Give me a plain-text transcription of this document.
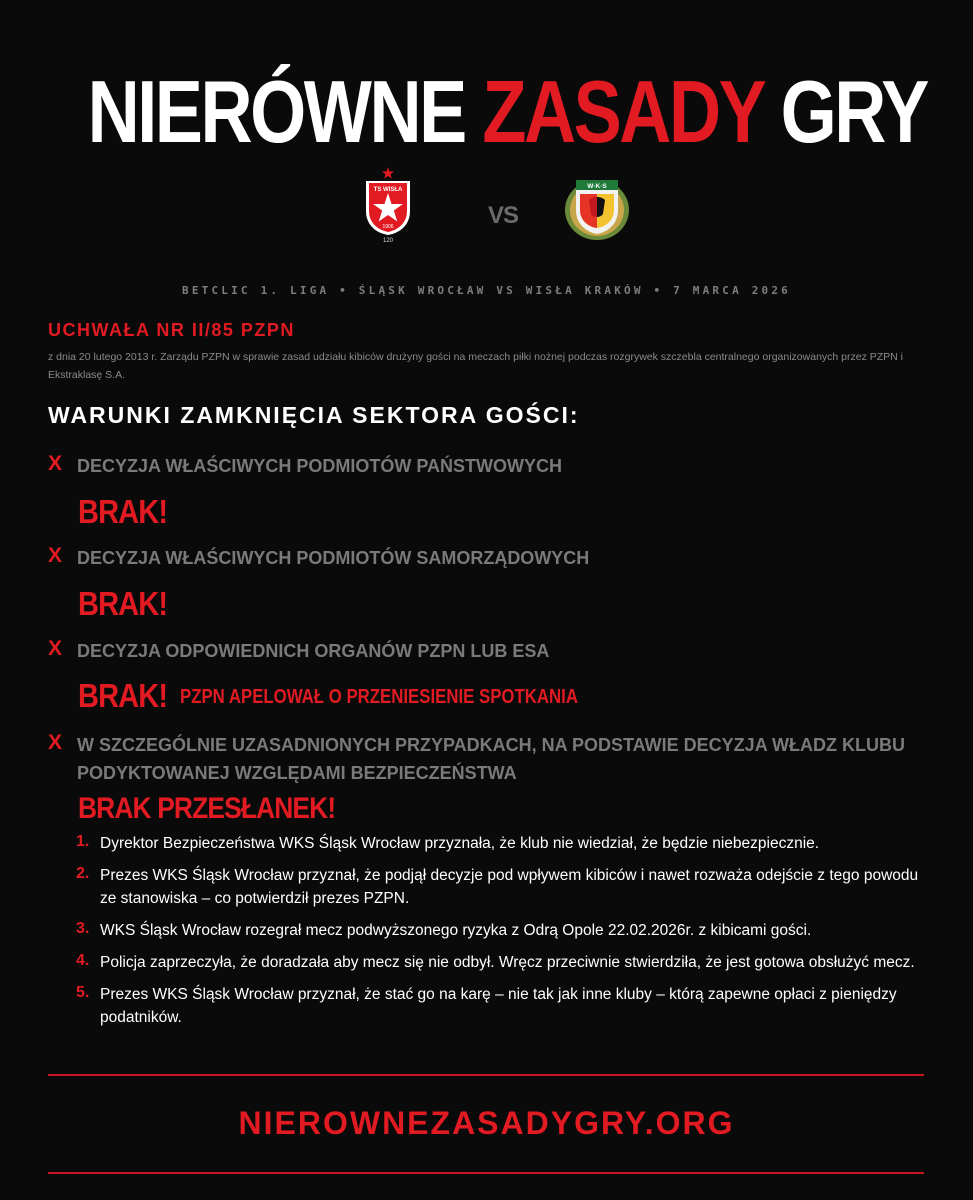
NIERÓWNE ZASADY GRY
TS WISŁA
1906
120
W·K·S
VS
BETCLIC 1. LIGA • ŚLĄSK WROCŁAW VS WISŁA KRAKÓW • 7 MARCA 2026
UCHWAŁA NR II/85 PZPN
z dnia 20 lutego 2013 r. Zarządu PZPN w sprawie zasad udziału kibiców drużyny gości na meczach piłki nożnej podczas rozgrywek szczebla centralnego organizowanych przez PZPN i Ekstraklasę S.A.
WARUNKI ZAMKNIĘCIA SEKTORA GOŚCI:
X DECYZJA WŁAŚCIWYCH PODMIOTÓW PAŃSTWOWYCH
BRAK!
X DECYZJA WŁAŚCIWYCH PODMIOTÓW SAMORZĄDOWYCH
BRAK!
X DECYZJA ODPOWIEDNICH ORGANÓW PZPN LUB ESA
BRAK! PZPN APELOWAŁ O PRZENIESIENIE SPOTKANIA
X W SZCZEGÓLNIE UZASADNIONYCH PRZYPADKACH, NA PODSTAWIE DECYZJA WŁADZ KLUBU PODYKTOWANEJ WZGLĘDAMI BEZPIECZEŃSTWA
BRAK PRZESŁANEK!
1. Dyrektor Bezpieczeństwa WKS Śląsk Wrocław przyznała, że klub nie wiedział, że będzie niebezpiecznie.
2. Prezes WKS Śląsk Wrocław przyznał, że podjął decyzje pod wpływem kibiców i nawet rozważa odejście z tego powodu ze stanowiska – co potwierdził prezes PZPN.
3. WKS Śląsk Wrocław rozegrał mecz podwyższonego ryzyka z Odrą Opole 22.02.2026r. z kibicami gości.
4. Policja zaprzeczyła, że doradzała aby mecz się nie odbył. Wręcz przeciwnie stwierdziła, że jest gotowa obsłużyć mecz.
5. Prezes WKS Śląsk Wrocław przyznał, że stać go na karę – nie tak jak inne kluby – którą zapewne opłaci z pieniędzy podatników.
NIEROWNEZASADYGRY.ORG
